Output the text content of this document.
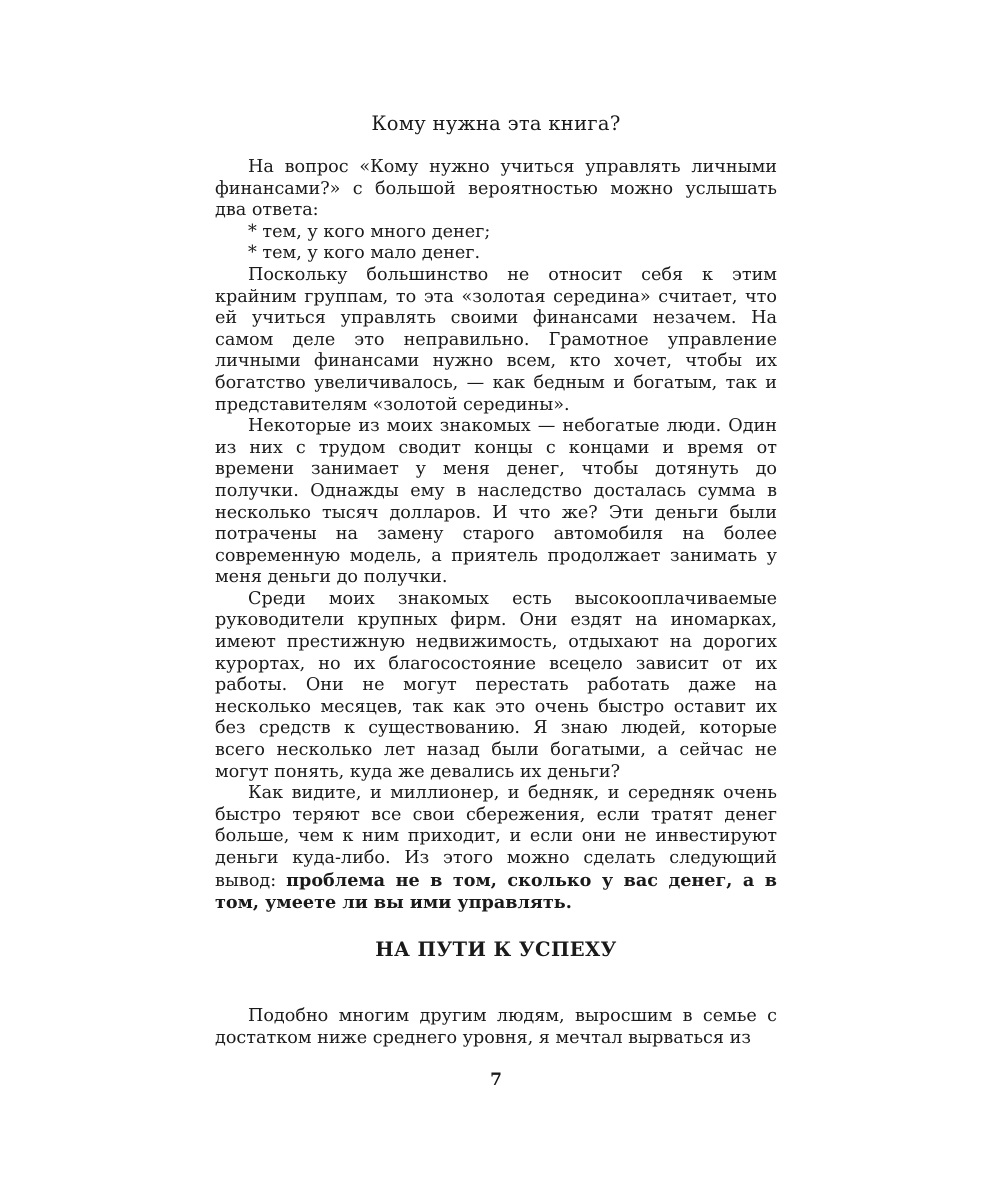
Кому нужна эта книга?

На вопрос «Кому нужно учиться управлять личными финансами?» с большой вероятностью можно услышать два ответа:

* тем, у кого много денег;

* тем, у кого мало денег.

Поскольку большинство не относит себя к этим крайним группам, то эта «золотая середина» считает, что ей учиться управлять своими финансами незачем. На самом деле это неправильно. Грамотное управление личными финансами нужно всем, кто хочет, чтобы их богатство увеличивалось, — как бедным и богатым, так и представителям «золотой середины».

Некоторые из моих знакомых — небогатые люди. Один из них с трудом сводит концы с концами и время от времени занимает у меня денег, чтобы дотянуть до получки. Однажды ему в наследство досталась сумма в несколько тысяч долларов. И что же? Эти деньги были потрачены на замену старого автомобиля на более современную модель, а приятель продолжает занимать у меня деньги до получки.

Среди моих знакомых есть высокооплачиваемые руководители крупных фирм. Они ездят на иномарках, имеют престижную недвижимость, отдыхают на дорогих курортах, но их благосостояние всецело зависит от их работы. Они не могут перестать работать даже на несколько месяцев, так как это очень быстро оставит их без средств к существованию. Я знаю людей, которые всего несколько лет назад были богатыми, а сейчас не могут понять, куда же девались их деньги?

Как видите, и миллионер, и бедняк, и середняк очень быстро теряют все свои сбережения, если тратят денег больше, чем к ним приходит, и если они не инвестируют деньги куда-либо. Из этого можно сделать следующий вывод: проблема не в том, сколько у вас денег, а в том, умеете ли вы ими управлять.

НА ПУТИ К УСПЕХУ

Подобно многим другим людям, выросшим в семье с достатком ниже среднего уровня, я мечтал вырваться из

7
